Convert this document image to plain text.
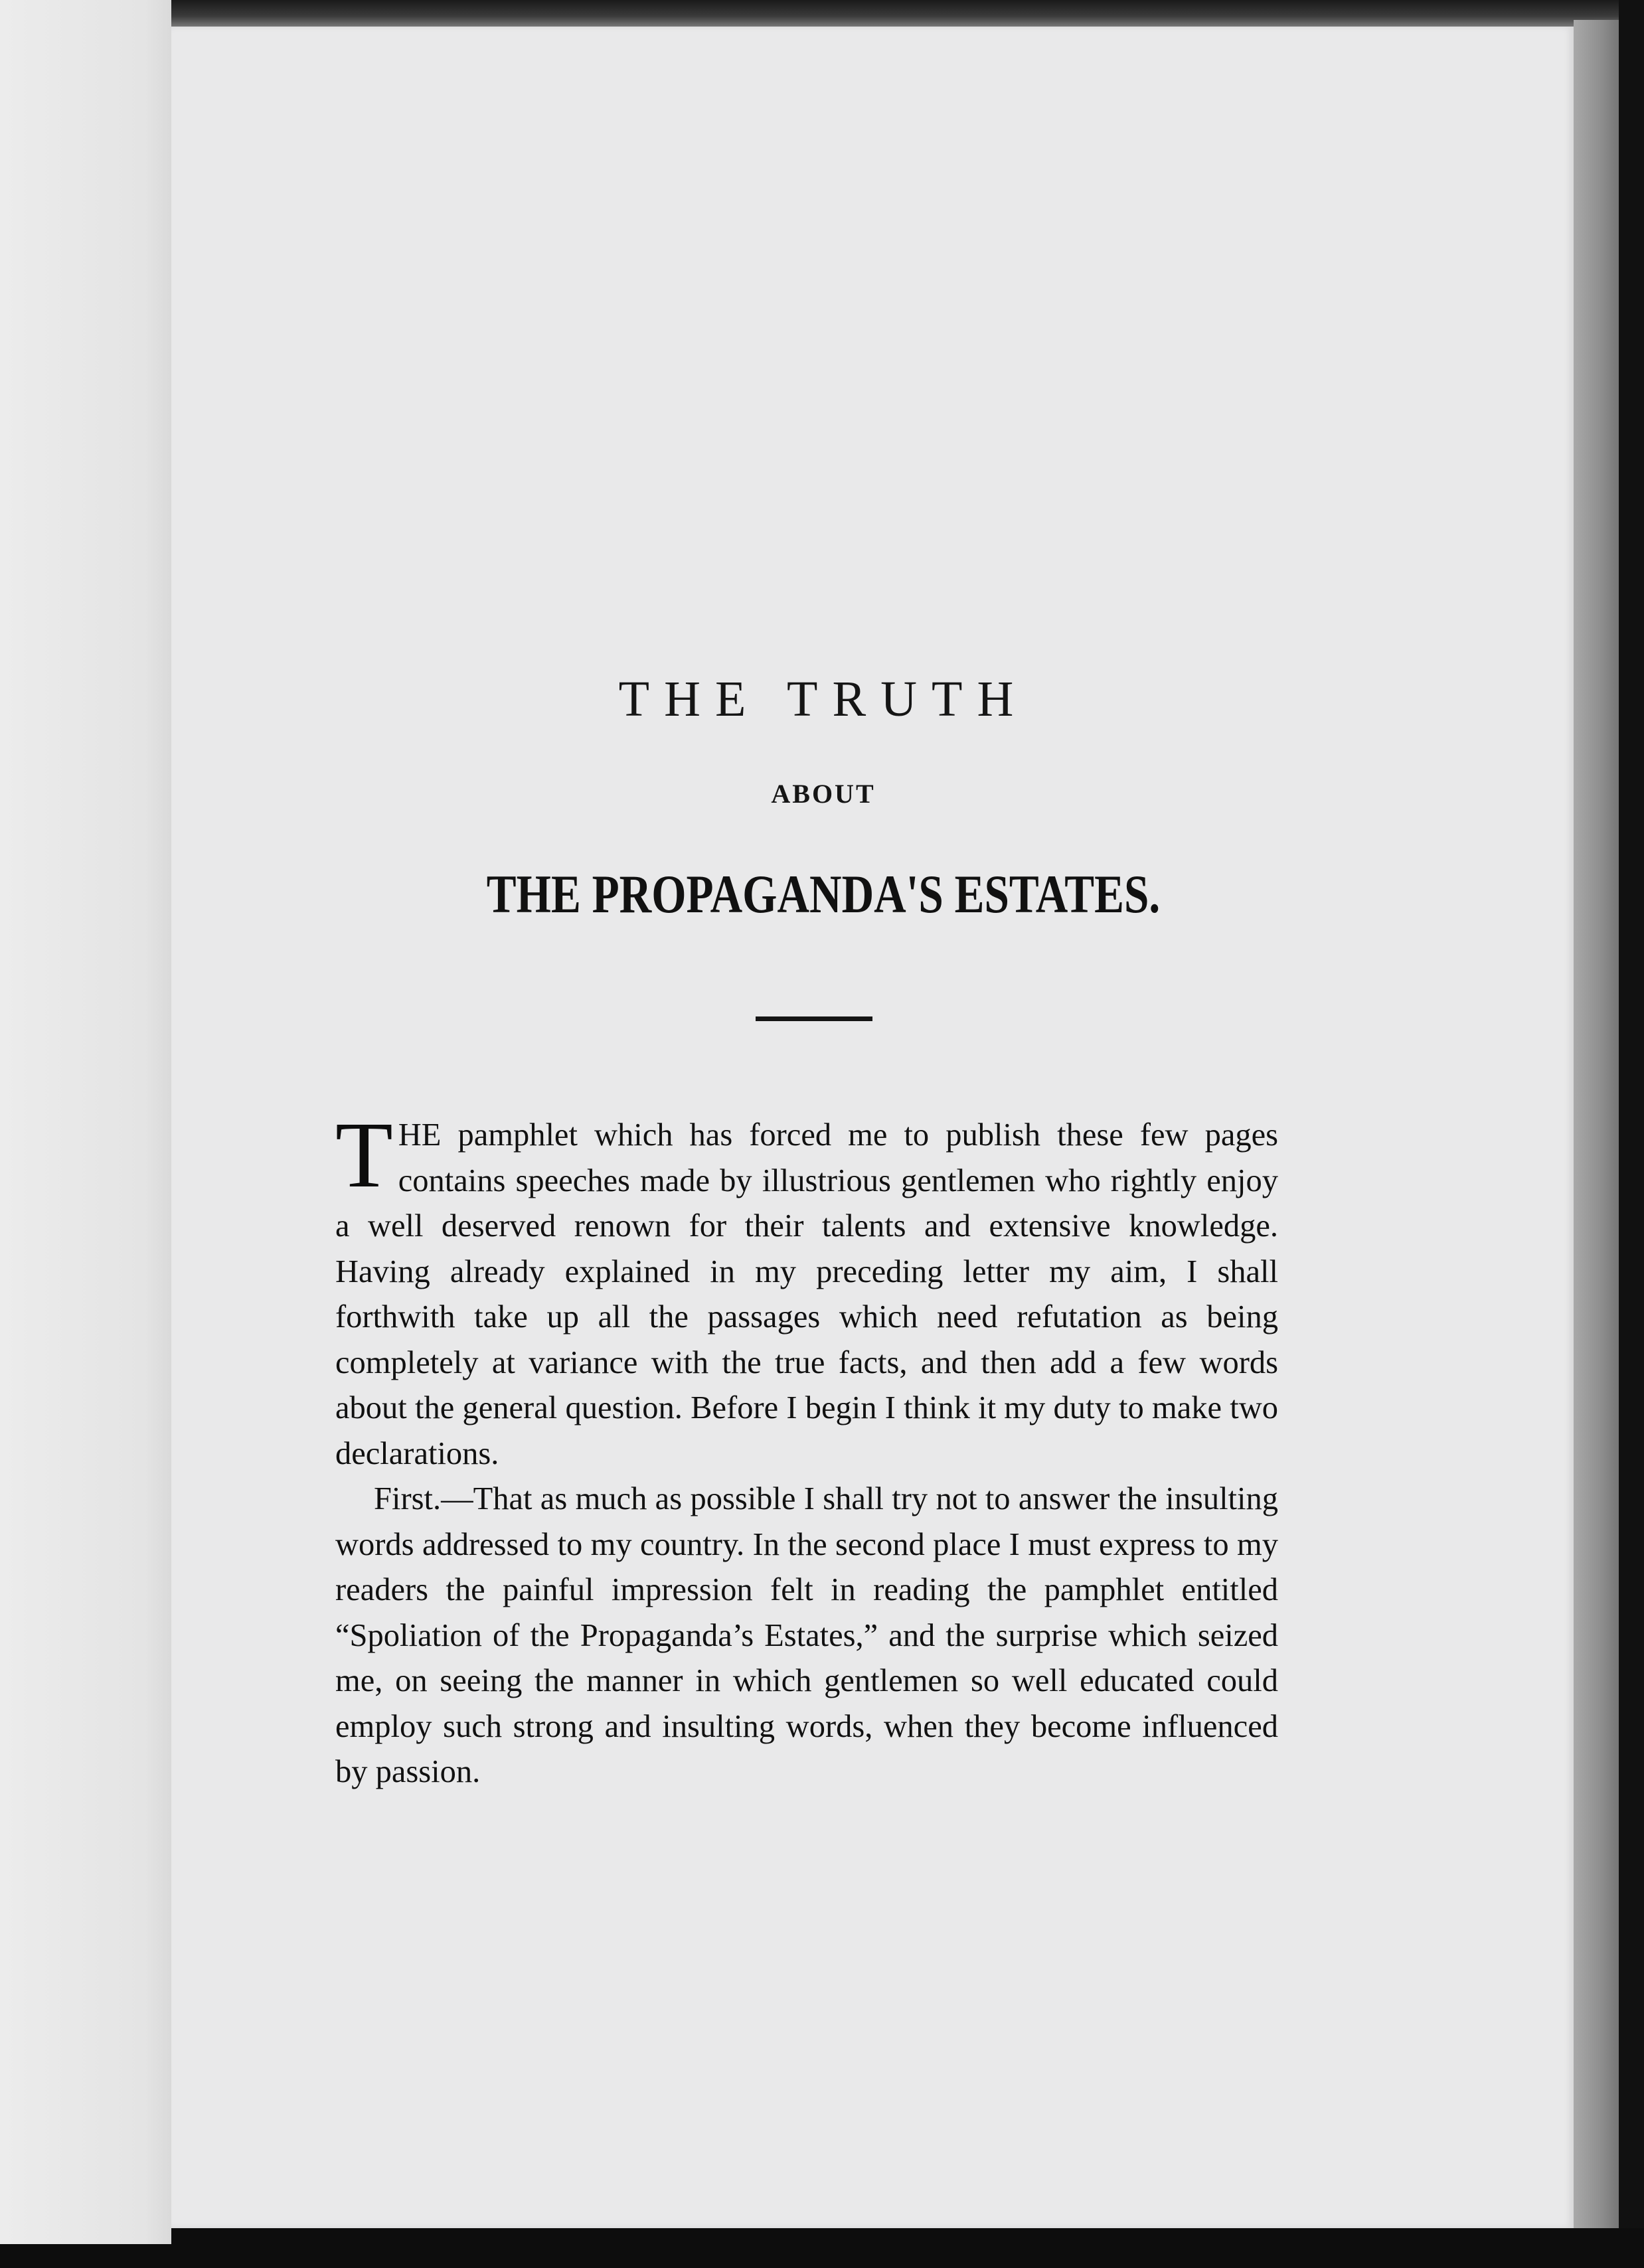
THE TRUTH
ABOUT
THE PROPAGANDA'S ESTATES.

T HE pamphlet which has forced me to publish these few pages contains speeches made by illustrious gentlemen who rightly enjoy a well deserved renown for their talents and extensive knowledge. Having already explained in my preceding letter my aim, I shall forthwith take up all the passages which need refutation as being completely at variance with the true facts, and then add a few words about the general question. Before I begin I think it my duty to make two declarations.

First.—That as much as possible I shall try not to answer the insulting words addressed to my country. In the second place I must express to my readers the painful impression felt in reading the pamphlet entitled “Spoliation of the Propaganda’s Estates,” and the surprise which seized me, on seeing the manner in which gentlemen so well educated could employ such strong and insulting words, when they become influenced by passion.
